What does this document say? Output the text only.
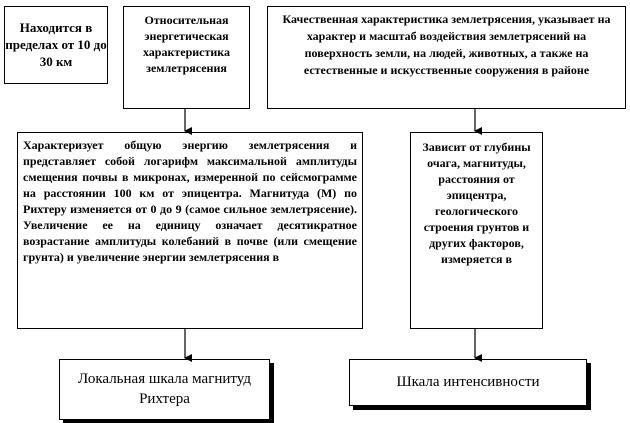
Находится в пределах от 10 до 30 км
Относительная энергетическая характеристика землетрясения
Качественная характеристика землетрясения, указывает на характер и масштаб воздействия землетрясений на поверхность земли, на людей, животных, а также на естественные и искусственные сооружения в районе
Характеризует общую энергию землетрясения и представляет собой логарифм максимальной амплитуды смещения почвы в микронах, измеренной по сейсмограмме на расстоянии 100 км от эпицентра. Магнитуда (М) по Рихтеру изменяется от 0 до 9 (самое сильное землетрясение). Увеличение ее на единицу означает десятикратное возрастание амплитуды колебаний в почве (или смещение грунта) и увеличение энергии землетрясения в
Зависит от глубины очага, магнитуды, расстояния от эпицентра, геологического строения грунтов и других факторов, измеряется в
Локальная шкала магнитуд Рихтера
Шкала интенсивности
